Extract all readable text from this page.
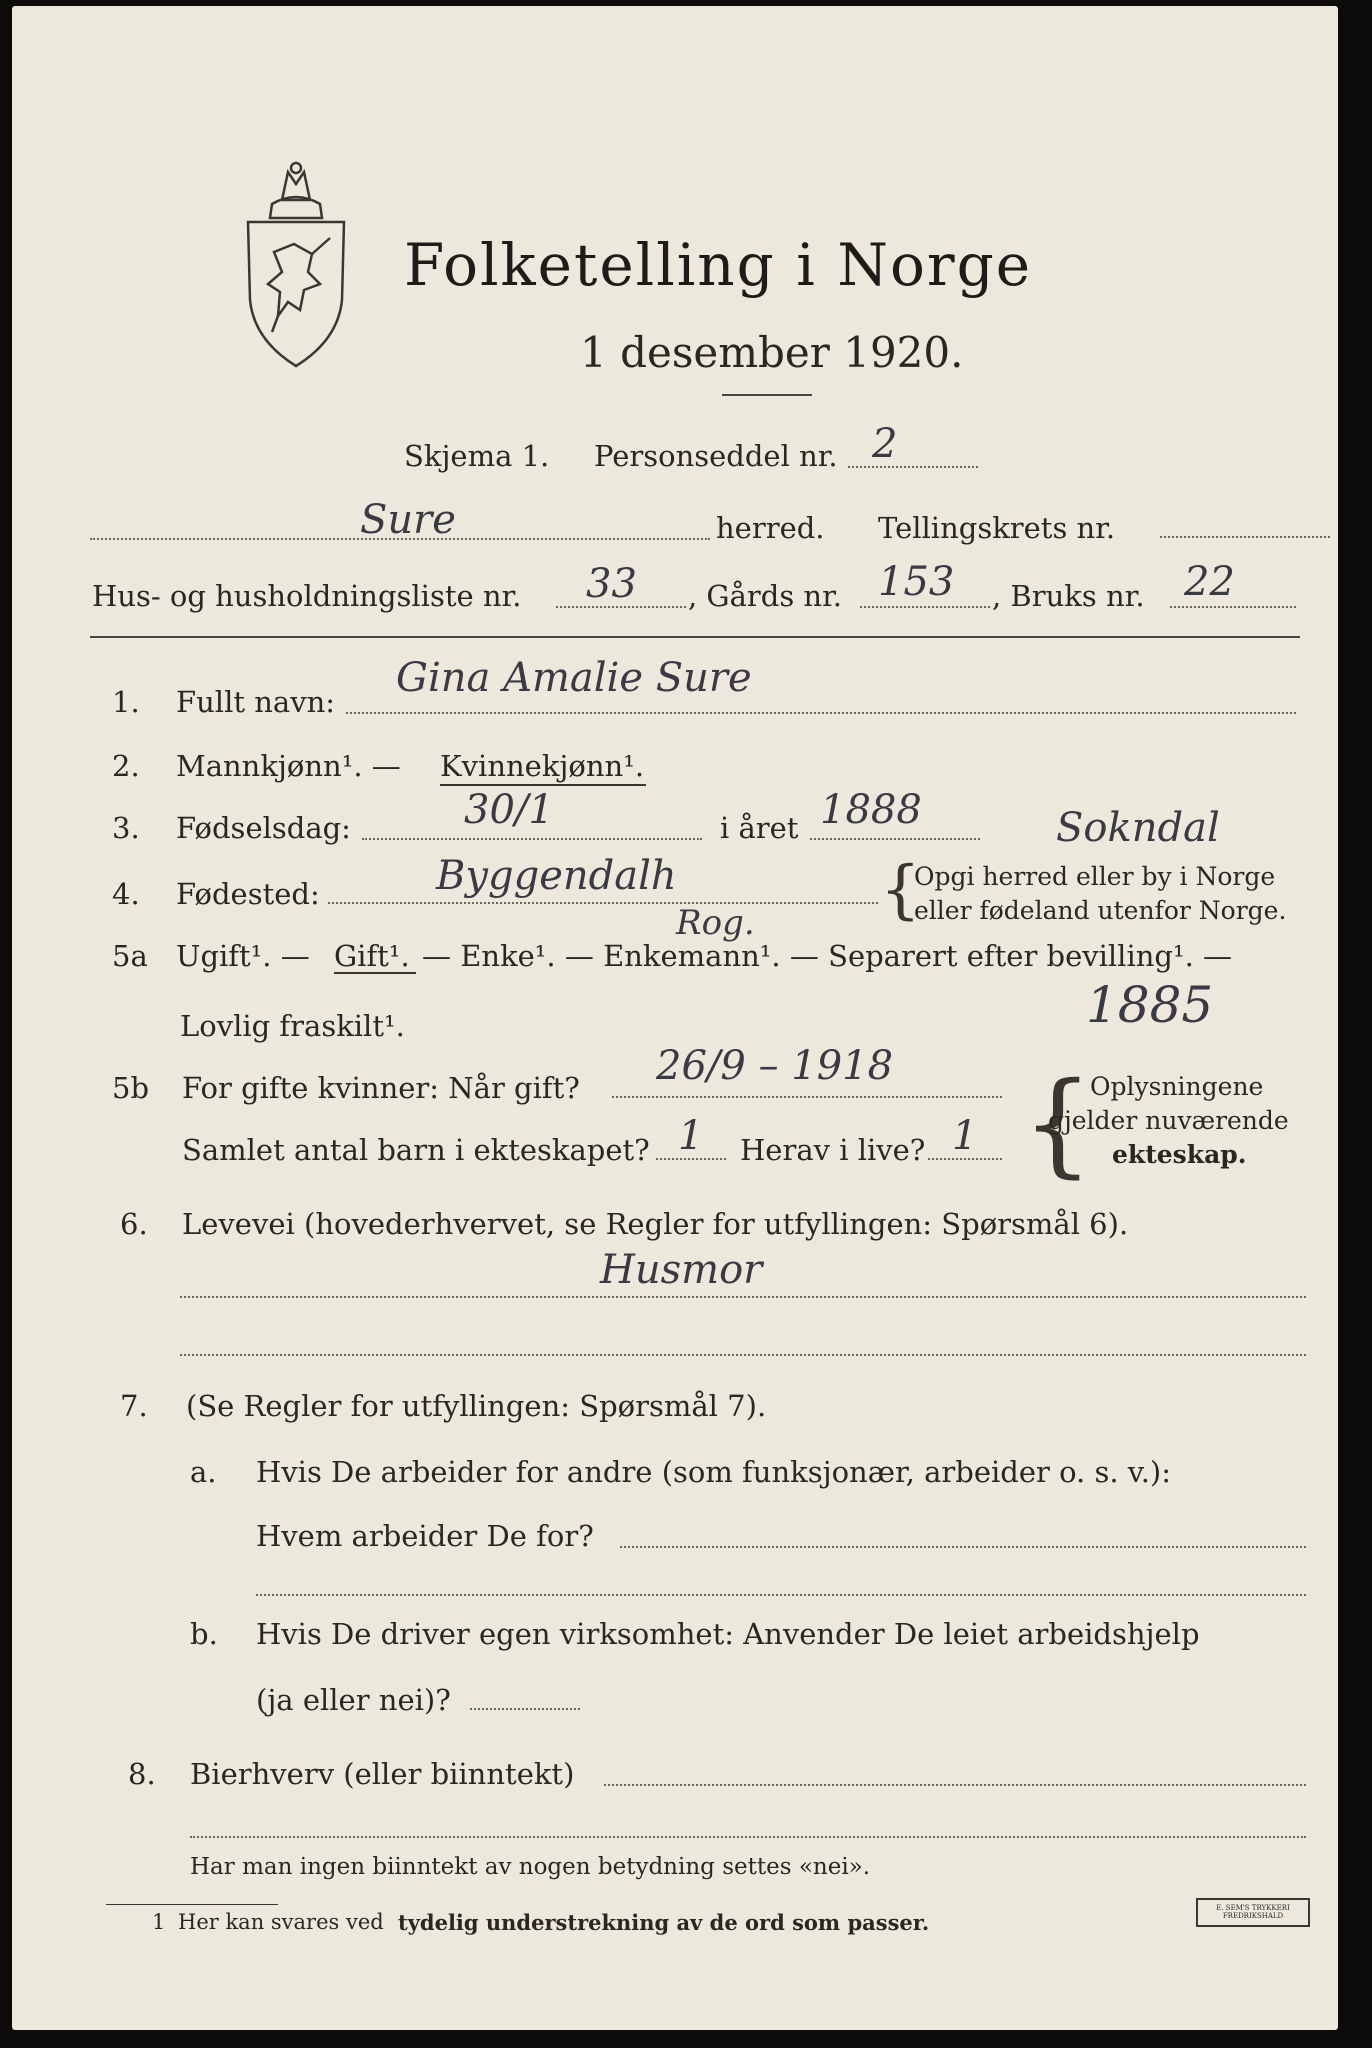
Folketelling i Norge
1 desember 1920.
Skjema 1. Personseddel nr. 2
Sure	herred. Tellingskrets nr.
Hus- og husholdningsliste nr. 33 , Gårds nr. 153 , Bruks nr. 22
1. Fullt navn:
Gina Amalie Sure
2. Mannkjønn¹. — Kvinnekjønn¹.
3. Fødselsdag:	30/1	i året 1888	Sokndal
4. Fødested:	Byggendalh	{
Opgi herred eller by i Norge
eller fødeland utenfor Norge.
Rog.
5a Ugift¹. — Gift¹. — Enke¹. — Enkemann¹. — Separert efter bevilling¹. —
Lovlig fraskilt¹.	1885
5b For gifte kvinner: Når gift? 26/9 – 1918
Samlet antal barn i ekteskapet? 1 Herav i live? 1 {
Oplysningene
gjelder nuværende
ekteskap.
6. Levevei (hovederhvervet, se Regler for utfyllingen: Spørsmål 6).
Husmor
7. (Se Regler for utfyllingen: Spørsmål 7).
a. Hvis De arbeider for andre (som funksjonær, arbeider o. s. v.):
Hvem arbeider De for?
b. Hvis De driver egen virksomhet: Anvender De leiet arbeidshjelp
(ja eller nei)?
8. Bierhverv (eller biinntekt)
Har man ingen biinntekt av nogen betydning settes «nei».
1 Her kan svares ved tydelig understrekning av de ord som passer.
E. SEM'S TRYKKERI FREDRIKSHALD
